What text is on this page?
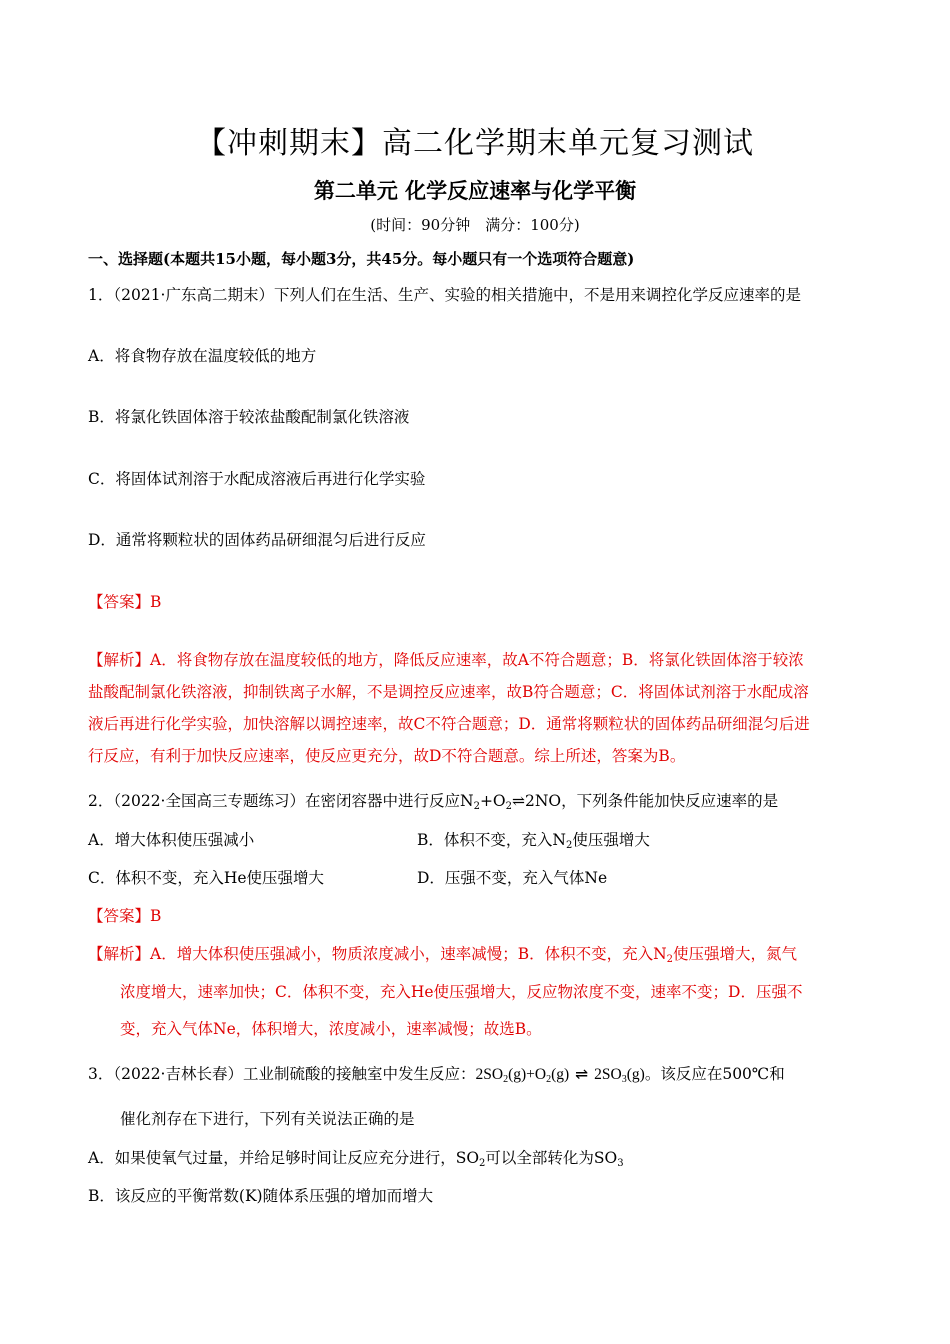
【冲刺期末】高二化学期末单元复习测试
第二单元 化学反应速率与化学平衡
(时间：90分钟　满分：100分)
一、选择题(本题共15小题，每小题3分，共45分。每小题只有一个选项符合题意)
1．（2021·广东高二期末）下列人们在生活、生产、实验的相关措施中，不是用来调控化学反应速率的是
A．将食物存放在温度较低的地方
B．将氯化铁固体溶于较浓盐酸配制氯化铁溶液
C．将固体试剂溶于水配成溶液后再进行化学实验
D．通常将颗粒状的固体药品研细混匀后进行反应
【答案】B
【解析】A．将食物存放在温度较低的地方，降低反应速率，故A不符合题意；B．将氯化铁固体溶于较浓
盐酸配制氯化铁溶液，抑制铁离子水解，不是调控反应速率，故B符合题意；C．将固体试剂溶于水配成溶
液后再进行化学实验，加快溶解以调控速率，故C不符合题意；D．通常将颗粒状的固体药品研细混匀后进
行反应，有利于加快反应速率，使反应更充分，故D不符合题意。综上所述，答案为B。
2．（2022·全国高三专题练习）在密闭容器中进行反应$N_2+O_2\rightleftharpoons 2NO$，下列条件能加快反应速率的是
A．增大体积使压强减小	B．体积不变，充入$N_2$使压强增大
C．体积不变，充入He使压强增大	D．压强不变，充入气体Ne
【答案】B
【解析】A．增大体积使压强减小，物质浓度减小，速率减慢；B．体积不变，充入$N_2$使压强增大，氮气
浓度增大，速率加快；C．体积不变，充入He使压强增大，反应物浓度不变，速率不变；D．压强不
变，充入气体Ne，体积增大，浓度减小，速率减慢；故选B。
3．（2022·吉林长春）工业制硫酸的接触室中发生反应：$2SO_2(g)+O_2(g)$ ⇌ $2SO_3(g)$。该反应在500℃和
催化剂存在下进行，下列有关说法正确的是
A．如果使氧气过量，并给足够时间让反应充分进行，$SO_2$可以全部转化为$SO_3$
B．该反应的平衡常数(K)随体系压强的增加而增大
